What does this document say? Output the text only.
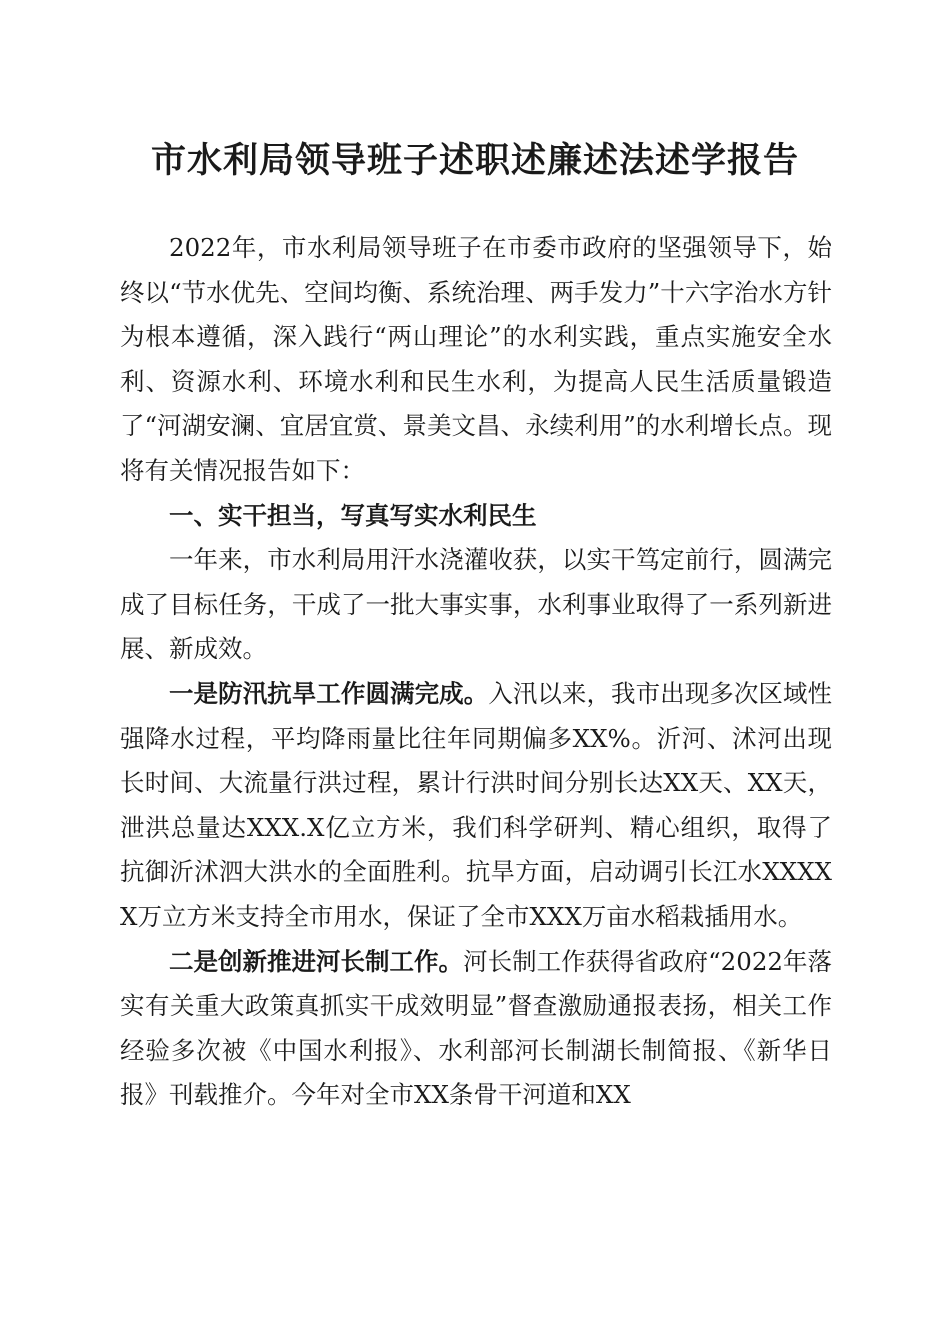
市水利局领导班子述职述廉述法述学报告

2022年，市水利局领导班子在市委市政府的坚强领导下，始终以“节水优先、空间均衡、系统治理、两手发力”十六字治水方针为根本遵循，深入践行“两山理论”的水利实践，重点实施安全水利、资源水利、环境水利和民生水利，为提高人民生活质量锻造了“河湖安澜、宜居宜赏、景美文昌、永续利用”的水利增长点。现将有关情况报告如下：

一、实干担当，写真写实水利民生

一年来，市水利局用汗水浇灌收获，以实干笃定前行，圆满完成了目标任务，干成了一批大事实事，水利事业取得了一系列新进展、新成效。

一是防汛抗旱工作圆满完成。入汛以来，我市出现多次区域性强降水过程，平均降雨量比往年同期偏多XX%。沂河、沭河出现长时间、大流量行洪过程，累计行洪时间分别长达XX天、XX天，泄洪总量达XXX.X亿立方米，我们科学研判、精心组织，取得了抗御沂沭泗大洪水的全面胜利。抗旱方面，启动调引长江水XXXXX万立方米支持全市用水，保证了全市XXX万亩水稻栽插用水。

二是创新推进河长制工作。河长制工作获得省政府“2022年落实有关重大政策真抓实干成效明显”督查激励通报表扬，相关工作经验多次被《中国水利报》、水利部河长制湖长制简报、《新华日报》刊载推介。今年对全市XX条骨干河道和XX
